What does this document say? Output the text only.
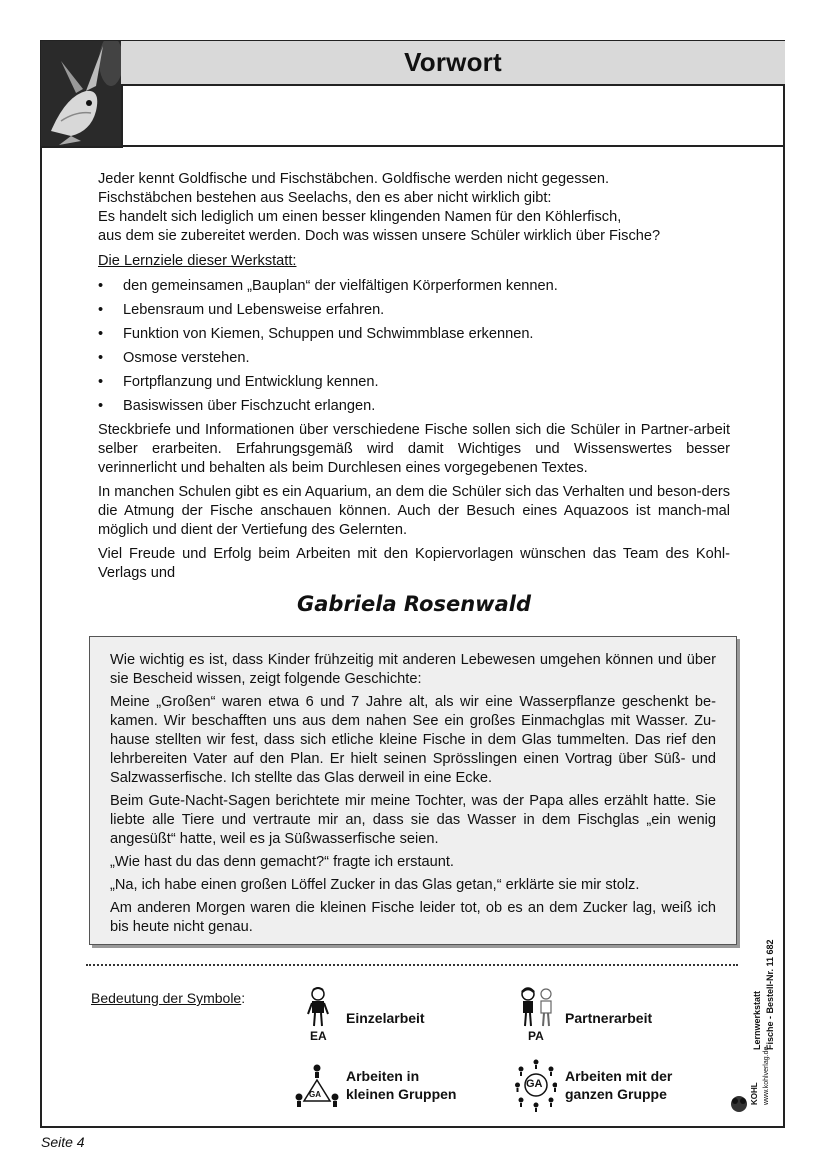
Vorwort
Jeder kennt Goldfische und Fischstäbchen. Goldfische werden nicht gegessen.
Fischstäbchen bestehen aus Seelachs, den es aber nicht wirklich gibt:
Es handelt sich lediglich um einen besser klingenden Namen für den Köhlerfisch,
aus dem sie zubereitet werden. Doch was wissen unsere Schüler wirklich über Fische?
Die Lernziele dieser Werkstatt:
• den gemeinsamen „Bauplan“ der vielfältigen Körperformen kennen.
• Lebensraum und Lebensweise erfahren.
• Funktion von Kiemen, Schuppen und Schwimmblase erkennen.
• Osmose verstehen.
• Fortpflanzung und Entwicklung kennen.
• Basiswissen über Fischzucht erlangen.

Steckbriefe und Informationen über verschiedene Fische sollen sich die Schüler in Partner-arbeit selber erarbeiten. Erfahrungsgemäß wird damit Wichtiges und Wissenswertes besser verinnerlicht und behalten als beim Durchlesen eines vorgegebenen Textes.

In manchen Schulen gibt es ein Aquarium, an dem die Schüler sich das Verhalten und beson-ders die Atmung der Fische anschauen können. Auch der Besuch eines Aquazoos ist manch-mal möglich und dient der Vertiefung des Gelernten.

Viel Freude und Erfolg beim Arbeiten mit den Kopiervorlagen wünschen das Team des Kohl-Verlags und

Gabriela Rosenwald

Wie wichtig es ist, dass Kinder frühzeitig mit anderen Lebewesen umgehen können und über sie Bescheid wissen, zeigt folgende Geschichte:

Meine „Großen“ waren etwa 6 und 7 Jahre alt, als wir eine Wasserpflanze geschenkt be-kamen. Wir beschafften uns aus dem nahen See ein großes Einmachglas mit Wasser. Zu-hause stellten wir fest, dass sich etliche kleine Fische in dem Glas tummelten. Das rief den lehrbereiten Vater auf den Plan. Er hielt seinen Sprösslingen einen Vortrag über Süß- und Salzwasserfische. Ich stellte das Glas derweil in eine Ecke.

Beim Gute-Nacht-Sagen berichtete mir meine Tochter, was der Papa alles erzählt hatte. Sie liebte alle Tiere und vertraute mir an, dass sie das Wasser in dem Fischglas „ein wenig angesüßt“ hatte, weil es ja Süßwasserfische seien.

„Wie hast du das denn gemacht?“ fragte ich erstaunt.

„Na, ich habe einen großen Löffel Zucker in das Glas getan,“ erklärte sie mir stolz.

Am anderen Morgen waren die kleinen Fische leider tot, ob es an dem Zucker lag, weiß ich bis heute nicht genau.

Bedeutung der Symbole:
EA
Einzelarbeit
PA
Partnerarbeit
GA
Arbeiten in
kleinen Gruppen
GA Arbeiten mit der
ganzen Gruppe
Lernwerkstatt Fische - Bestell-Nr. 11 682
KOHL www.kohlverlag.de
Seite 4
